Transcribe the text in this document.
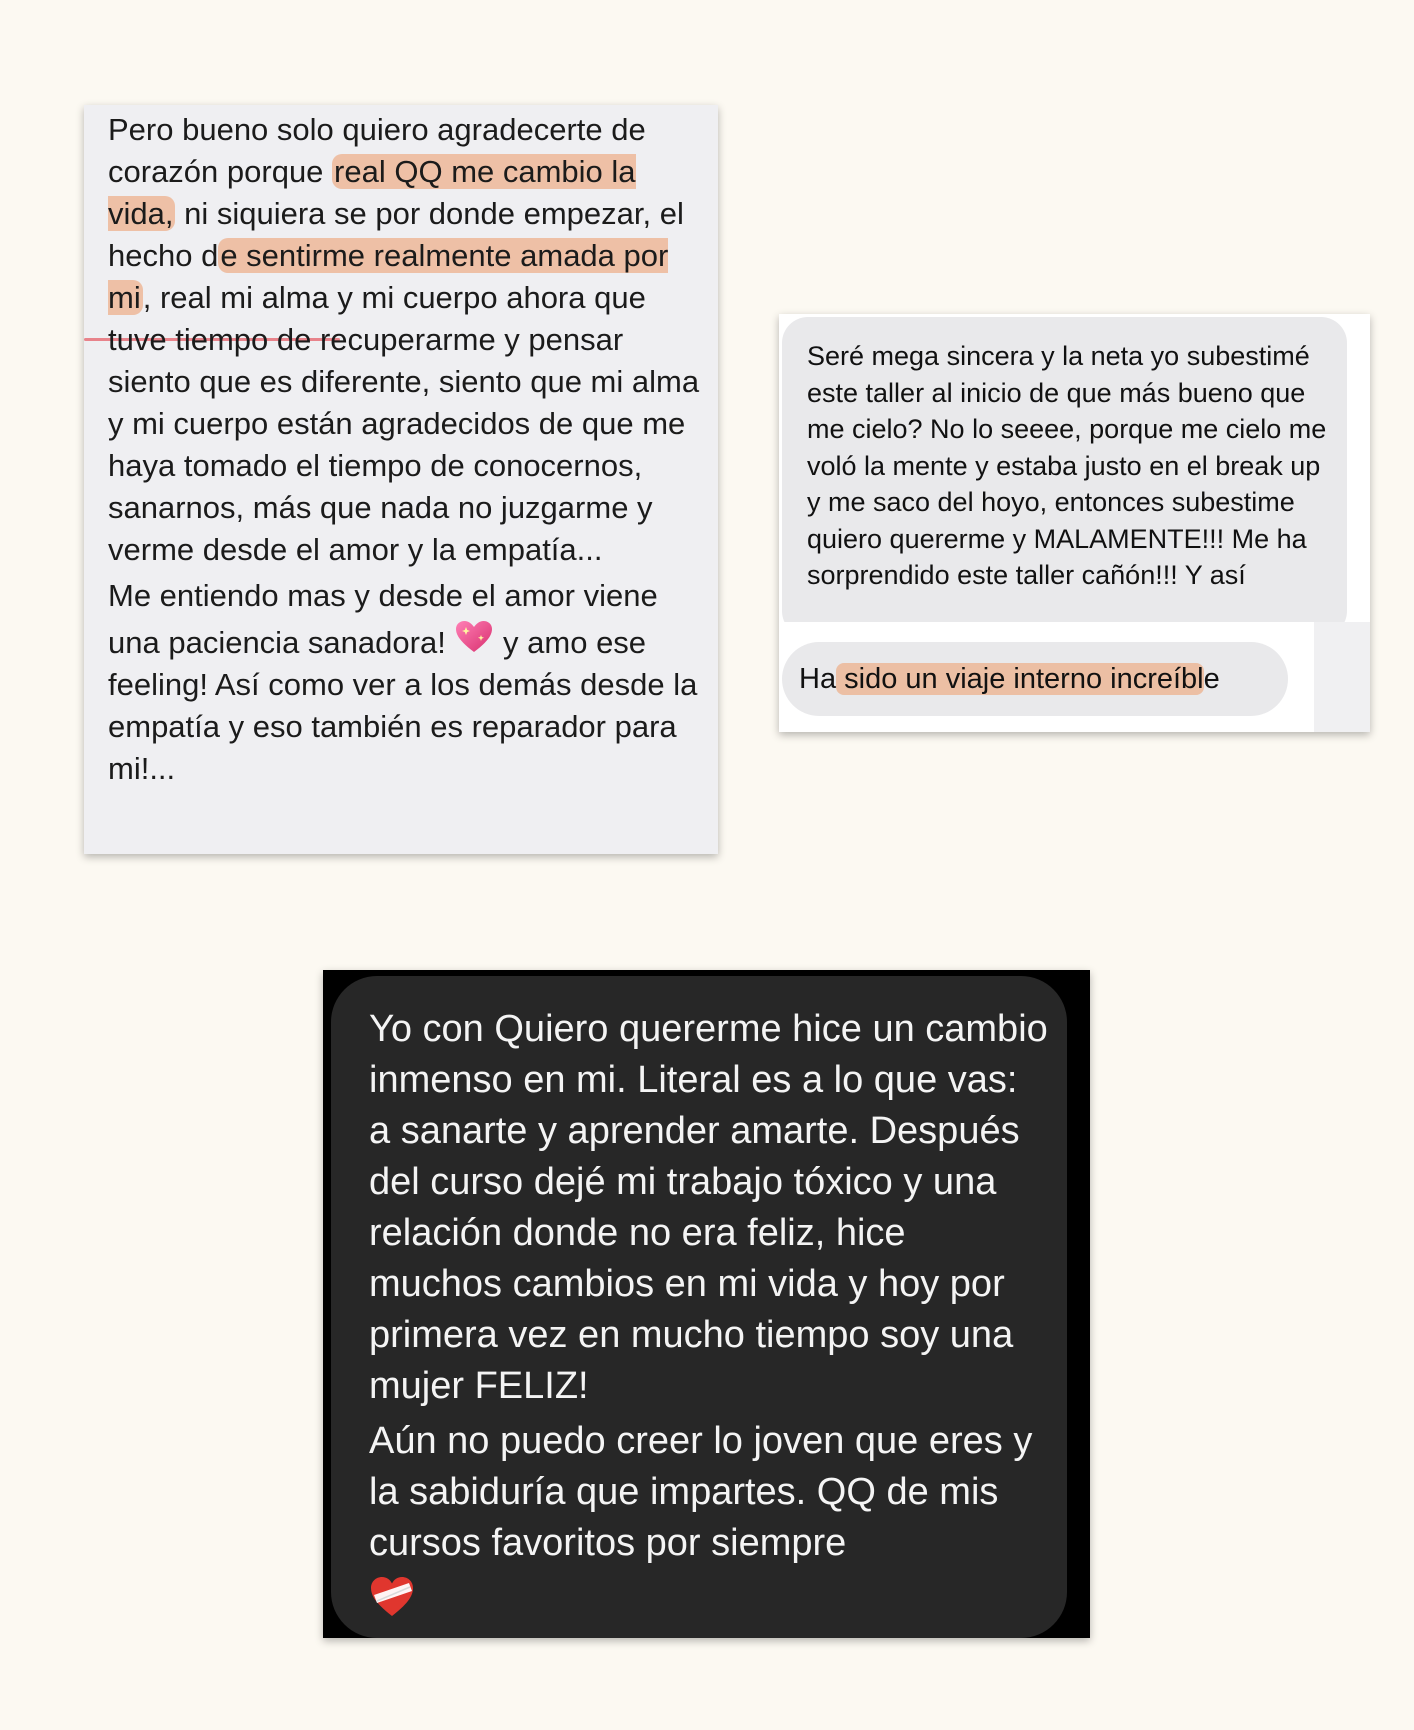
Pero bueno solo quiero agradecerte de corazón porque real QQ me cambio la vida, ni siquiera se por donde empezar, el hecho de sentirme realmente amada por mi, real mi alma y mi cuerpo ahora que tuve tiempo de recuperarme y pensar siento que es diferente, siento que mi alma y mi cuerpo están agradecidos de que me haya tomado el tiempo de conocernos, sanarnos, más que nada no juzgarme y verme desde el amor y la empatía...

Me entiendo mas y desde el amor viene una paciencia sanadora!  y amo ese feeling! Así como ver a los demás desde la empatía y eso también es reparador para mi!...

Seré mega sincera y la neta yo subestimé este taller al inicio de que más bueno que me cielo? No lo seeee, porque me cielo me voló la mente y estaba justo en el break up y me saco del hoyo, entonces subestime quiero quererme y MALAMENTE!!! Me ha sorprendido este taller cañón!!! Y así
Ha sido un viaje interno increíble

Yo con Quiero quererme hice un cambio inmenso en mi. Literal es a lo que vas: a sanarte y aprender amarte. Después del curso dejé mi trabajo tóxico y una relación donde no era feliz, hice muchos cambios en mi vida y hoy por primera vez en mucho tiempo soy una mujer FELIZ!

Aún no puedo creer lo joven que eres y la sabiduría que impartes. QQ de mis cursos favoritos por siempre
